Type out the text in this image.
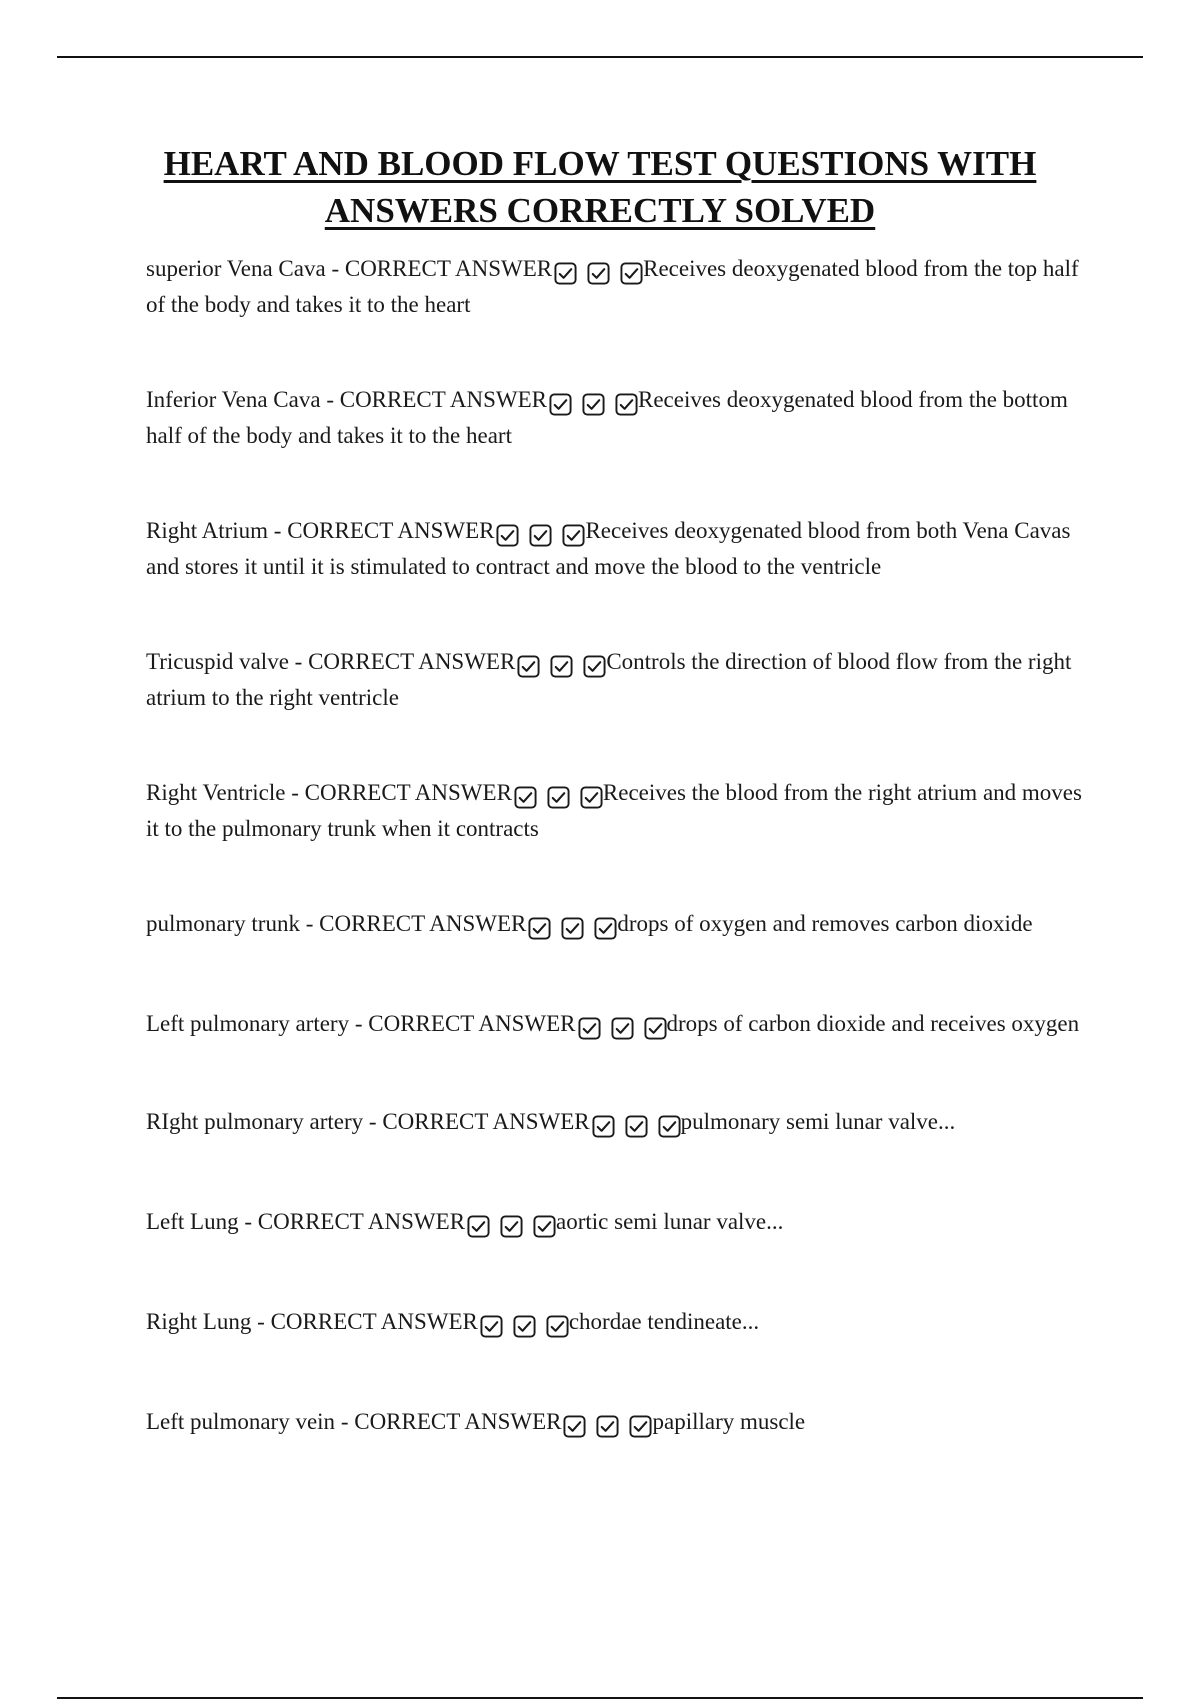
HEART AND BLOOD FLOW TEST QUESTIONS WITH
ANSWERS CORRECTLY SOLVED

superior Vena Cava - CORRECT ANSWER	Receives deoxygenated blood from the top half of the body and takes it to the heart

Inferior Vena Cava - CORRECT ANSWER	Receives deoxygenated blood from the bottom half of the body and takes it to the heart

Right Atrium - CORRECT ANSWER	Receives deoxygenated blood from both Vena Cavas and stores it until it is stimulated to contract and move the blood to the ventricle

Tricuspid valve - CORRECT ANSWER	Controls the direction of blood flow from the right atrium to the right ventricle

Right Ventricle - CORRECT ANSWER	Receives the blood from the right atrium and moves it to the pulmonary trunk when it contracts

pulmonary trunk - CORRECT ANSWER	drops of oxygen and removes carbon dioxide

Left pulmonary artery - CORRECT ANSWER	drops of carbon dioxide and receives oxygen

RIght pulmonary artery - CORRECT ANSWER	pulmonary semi lunar valve...

Left Lung - CORRECT ANSWER	aortic semi lunar valve...

Right Lung - CORRECT ANSWER	chordae tendineate...

Left pulmonary vein - CORRECT ANSWER	papillary muscle
